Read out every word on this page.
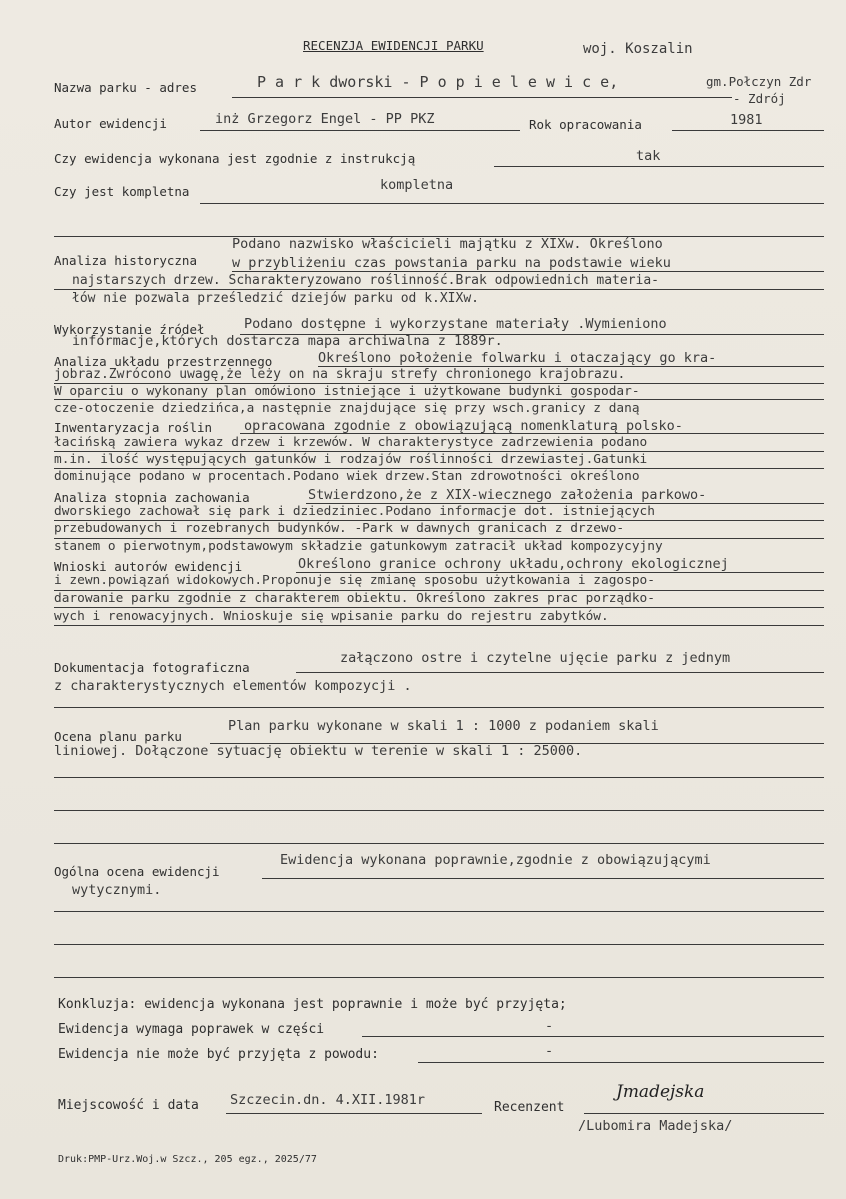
RECENZJA EWIDENCJI PARKU	woj. Koszalin
Nazwa parku - adres	P a r k dworski - P o p i e l e w i c e,	gm.Połczyn Zdr
- Zdrój
Autor ewidencji	inż Grzegorz Engel - PP PKZ	Rok opracowania	1981
Czy ewidencja wykonana jest zgodnie z instrukcją	tak
Czy jest kompletna	kompletna
Analiza historyczna
Podano nazwisko właścicieli majątku z XIXw. Określono
w przybliżeniu czas powstania parku na podstawie wieku
najstarszych drzew. Scharakteryzowano roślinność.Brak odpowiednich materia-
łów nie pozwala prześledzić dziejów parku od k.XIXw.
Wykorzystanie źródeł	Podano dostępne i wykorzystane materiały .Wymieniono
informacje,których dostarcza mapa archiwalna z 1889r.
Analiza układu przestrzennego	Określono położenie folwarku i otaczający go kra-
jobraz.Zwrócono uwagę,że leży on na skraju strefy chronionego krajobrazu.
W oparciu o wykonany plan omówiono istniejące i użytkowane budynki gospodar-
cze-otoczenie dziedzińca,a następnie znajdujące się przy wsch.granicy z daną
Inwentaryzacja roślin opracowana zgodnie z obowiązującą nomenklaturą polsko-
łacińską zawiera wykaz drzew i krzewów. W charakterystyce zadrzewienia podano
m.in. ilość występujących gatunków i rodzajów roślinności drzewiastej.Gatunki
dominujące podano w procentach.Podano wiek drzew.Stan zdrowotności określono
Analiza stopnia zachowania	Stwierdzono,że z XIX-wiecznego założenia parkowo-
dworskiego zachował się park i dziedziniec.Podano informacje dot. istniejących
przebudowanych i rozebranych budynków. -Park w dawnych granicach z drzewo-
stanem o pierwotnym,podstawowym składzie gatunkowym zatracił układ kompozycyjny
Wnioski autorów ewidencji	Określono granice ochrony układu,ochrony ekologicznej
i zewn.powiązań widokowych.Proponuje się zmianę sposobu użytkowania i zagospo-
darowanie parku zgodnie z charakterem obiektu. Określono zakres prac porządko-
wych i renowacyjnych. Wnioskuje się wpisanie parku do rejestru zabytków.
Dokumentacja fotograficzna
załączono ostre i czytelne ujęcie parku z jednym
z charakterystycznych elementów kompozycji .
Ocena planu parku
Plan parku wykonane w skali 1 : 1000 z podaniem skali
liniowej. Dołączone sytuację obiektu w terenie w skali 1 : 25000.
Ogólna ocena ewidencji
Ewidencja wykonana poprawnie,zgodnie z obowiązującymi
wytycznymi.
Konkluzja: ewidencja wykonana jest poprawnie i może być przyjęta;
Ewidencja wymaga poprawek w części	-
Ewidencja nie może być przyjęta z powodu:	-
Miejscowość i data Szczecin.dn. 4.XII.1981r	Recenzent
Jmadejska
/Lubomira Madejska/
Druk:PMP-Urz.Woj.w Szcz., 205 egz., 2025/77
